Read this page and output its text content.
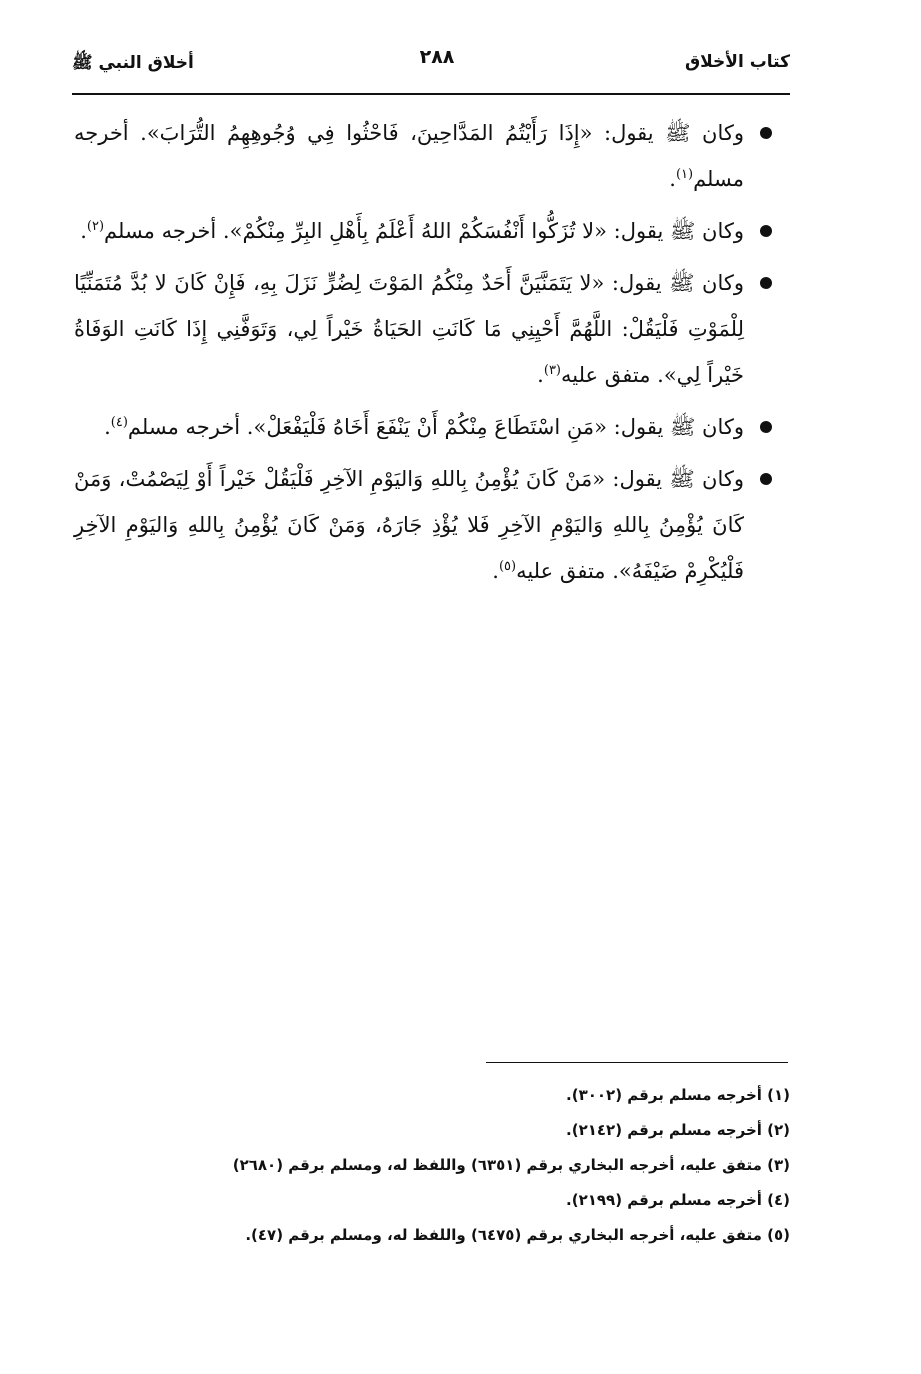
كتاب الأخلاق
٢٨٨
أخلاق النبي ﷺ
وكان ﷺ يقول: «إِذَا رَأَيْتُمُ المَدَّاحِينَ، فَاحْثُوا فِي وُجُوهِهِمُ التُّرَابَ». أخرجه مسلم$^{(١)}$.
وكان ﷺ يقول: «لا تُزَكُّوا أَنْفُسَكُمْ اللهُ أَعْلَمُ بِأَهْلِ البِرِّ مِنْكُمْ». أخرجه مسلم$^{(٢)}$.
وكان ﷺ يقول: «لا يَتَمَنَّيَنَّ أَحَدٌ مِنْكُمُ المَوْتَ لِضُرٍّ نَزَلَ بِهِ، فَإِنْ كَانَ لا بُدَّ مُتَمَنِّيًا لِلْمَوْتِ فَلْيَقُلْ: اللَّهُمَّ أَحْيِنِي مَا كَانَتِ الحَيَاةُ خَيْراً لِي، وَتَوَفَّنِي إِذَا كَانَتِ الوَفَاةُ خَيْراً لِي». متفق عليه$^{(٣)}$.
وكان ﷺ يقول: «مَنِ اسْتَطَاعَ مِنْكُمْ أَنْ يَنْفَعَ أَخَاهُ فَلْيَفْعَلْ». أخرجه مسلم$^{(٤)}$.
وكان ﷺ يقول: «مَنْ كَانَ يُؤْمِنُ بِاللهِ وَاليَوْمِ الآخِرِ فَلْيَقُلْ خَيْراً أَوْ لِيَصْمُتْ، وَمَنْ كَانَ يُؤْمِنُ بِاللهِ وَاليَوْمِ الآخِرِ فَلا يُؤْذِ جَارَهُ، وَمَنْ كَانَ يُؤْمِنُ بِاللهِ وَاليَوْمِ الآخِرِ فَلْيُكْرِمْ ضَيْفَهُ». متفق عليه$^{(٥)}$.
(١) أخرجه مسلم برقم (٣٠٠٢).
(٢) أخرجه مسلم برقم (٢١٤٢).
(٣) متفق عليه، أخرجه البخاري برقم (٦٣٥١) واللفظ له، ومسلم برقم (٢٦٨٠)
(٤) أخرجه مسلم برقم (٢١٩٩).
(٥) متفق عليه، أخرجه البخاري برقم (٦٤٧٥) واللفظ له، ومسلم برقم (٤٧).
